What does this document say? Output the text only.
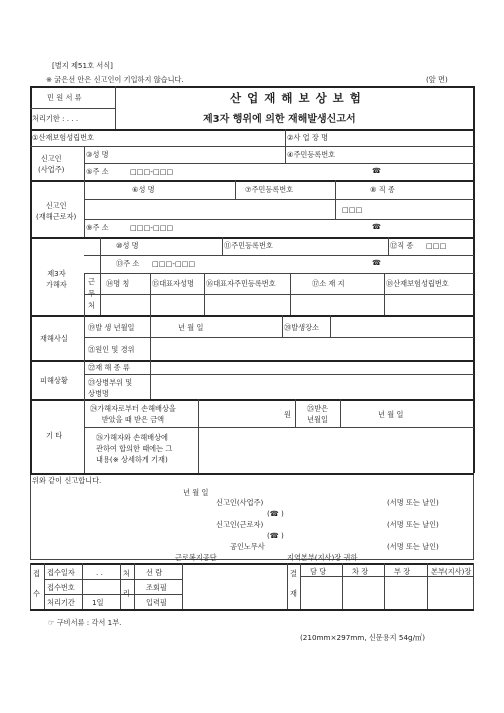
[별지 제51호 서식]
※ 굵은선 안은 신고인이 기입하지 않습니다.	(앞 면)
민 원 서 류
처리기한 : . . .
산 업 재 해 보 상 보 험
제3자 행위에 의한 재해발생신고서
①산재보험성립번호	②사 업 장 명
신고인
(사업주)
③성 명	④주민등록번호
⑤주 소	□□□-□□□	☎
신고인
(재해근로자)
⑥성 명	⑦주민등록번호	⑧ 직 종
□□□
⑨주 소	□□□-□□□	☎
제3자
가해자
⑩성 명	⑪주민등록번호	⑫직 종 □□□
⑬주 소 □□□-□□□	☎
근
무
처
⑭명 칭	⑮대표자성명 ⑯대표자주민등록번호	⑰소 재 지	⑱산재보험성립번호
재해사실
⑲발 생 년월일	년 월 일	⑳발생장소
㉑원인 및 경위
피해상황
㉒재 해 종 류
㉓상병부위 및
상병명
기 타
㉔가해자로부터 손해배상을
받았을 때 받은 금액
원
㉕받은
년월일
년 월 일
㉖가해자와 손해배상에
관하여 합의한 때에는 그
내용(※ 상세하게 기재)
위와 같이 신고합니다.
년 월 일
신고인(사업주)	(서명 또는 날인)
(☎ )
신고인(근로자)	(서명 또는 날인)
(☎ )
공인노무사	(서명 또는 날인)
근로복지공단	지역본부(지사)장 귀하
접

수
접수일자	. .
접수번호
처리기간 1일
처

리
선 람
조회필
입력필
결

재
담 당	차 장	부 장	본부(지사)장
☞ 구비서류 : 각서 1부.
(210mm×297mm, 신문용지 54g/㎡)
